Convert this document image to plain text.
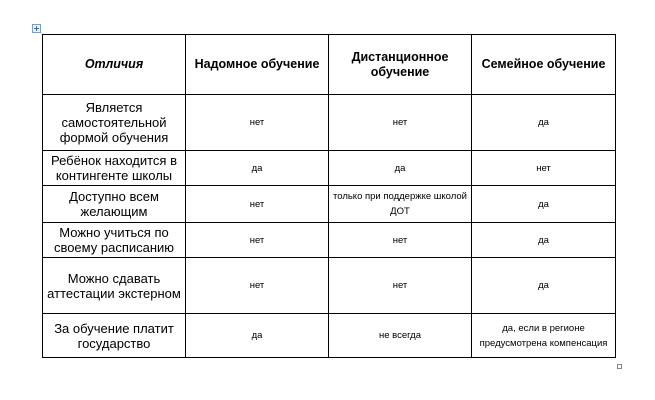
Отличия	Надомное обучение	Дистанционное обучение	Семейное обучение
Является самостоятельной формой обучения	нет	нет	да
Ребёнок находится в контингенте школы	да	да	нет
Доступно всем желающим	нет	только при поддержке школой ДОТ	да
Можно учиться по своему расписанию	нет	нет	да
Можно сдавать аттестации экстерном	нет	нет	да
За обучение платит государство	да	не всегда	да, если в регионе предусмотрена компенсация
